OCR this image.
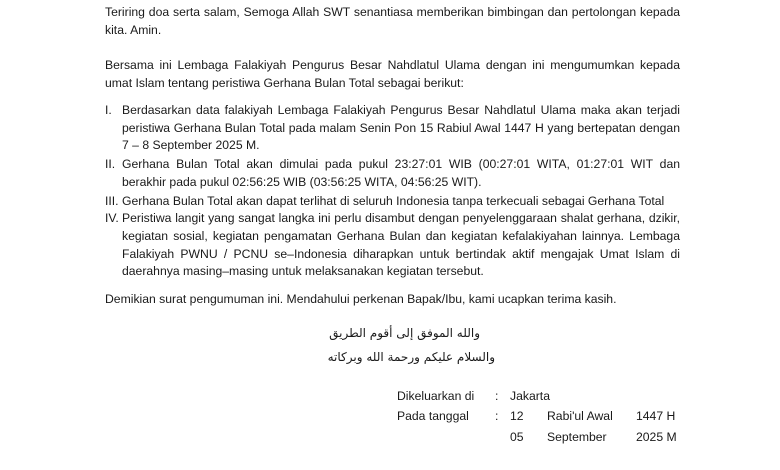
Teriring doa serta salam, Semoga Allah SWT senantiasa memberikan bimbingan dan pertolongan kepada kita. Amin.

Bersama ini Lembaga Falakiyah Pengurus Besar Nahdlatul Ulama dengan ini mengumumkan kepada umat Islam tentang peristiwa Gerhana Bulan Total sebagai berikut:

I. Berdasarkan data falakiyah Lembaga Falakiyah Pengurus Besar Nahdlatul Ulama maka akan terjadi peristiwa Gerhana Bulan Total pada malam Senin Pon 15 Rabiul Awal 1447 H yang bertepatan dengan 7 – 8 September 2025 M.
II. Gerhana Bulan Total akan dimulai pada pukul 23:27:01 WIB (00:27:01 WITA, 01:27:01 WIT dan berakhir pada pukul 02:56:25 WIB (03:56:25 WITA, 04:56:25 WIT).
III. Gerhana Bulan Total akan dapat terlihat di seluruh Indonesia tanpa terkecuali sebagai Gerhana Total
IV. Peristiwa langit yang sangat langka ini perlu disambut dengan penyelenggaraan shalat gerhana, dzikir, kegiatan sosial, kegiatan pengamatan Gerhana Bulan dan kegiatan kefalakiyahan lainnya. Lembaga Falakiyah PWNU / PCNU se–Indonesia diharapkan untuk bertindak aktif mengajak Umat Islam di daerahnya masing–masing untuk melaksanakan kegiatan tersebut.

Demikian surat pengumuman ini. Mendahului perkenan Bapak/Ibu, kami ucapkan terima kasih.

والله الموفق إلى أقوم الطريق
والسلام عليكم ورحمة الله وبركاته
Dikeluarkan di : Jakarta
Pada tanggal : 12 Rabi'ul Awal 1447 H
05 September 2025 M
